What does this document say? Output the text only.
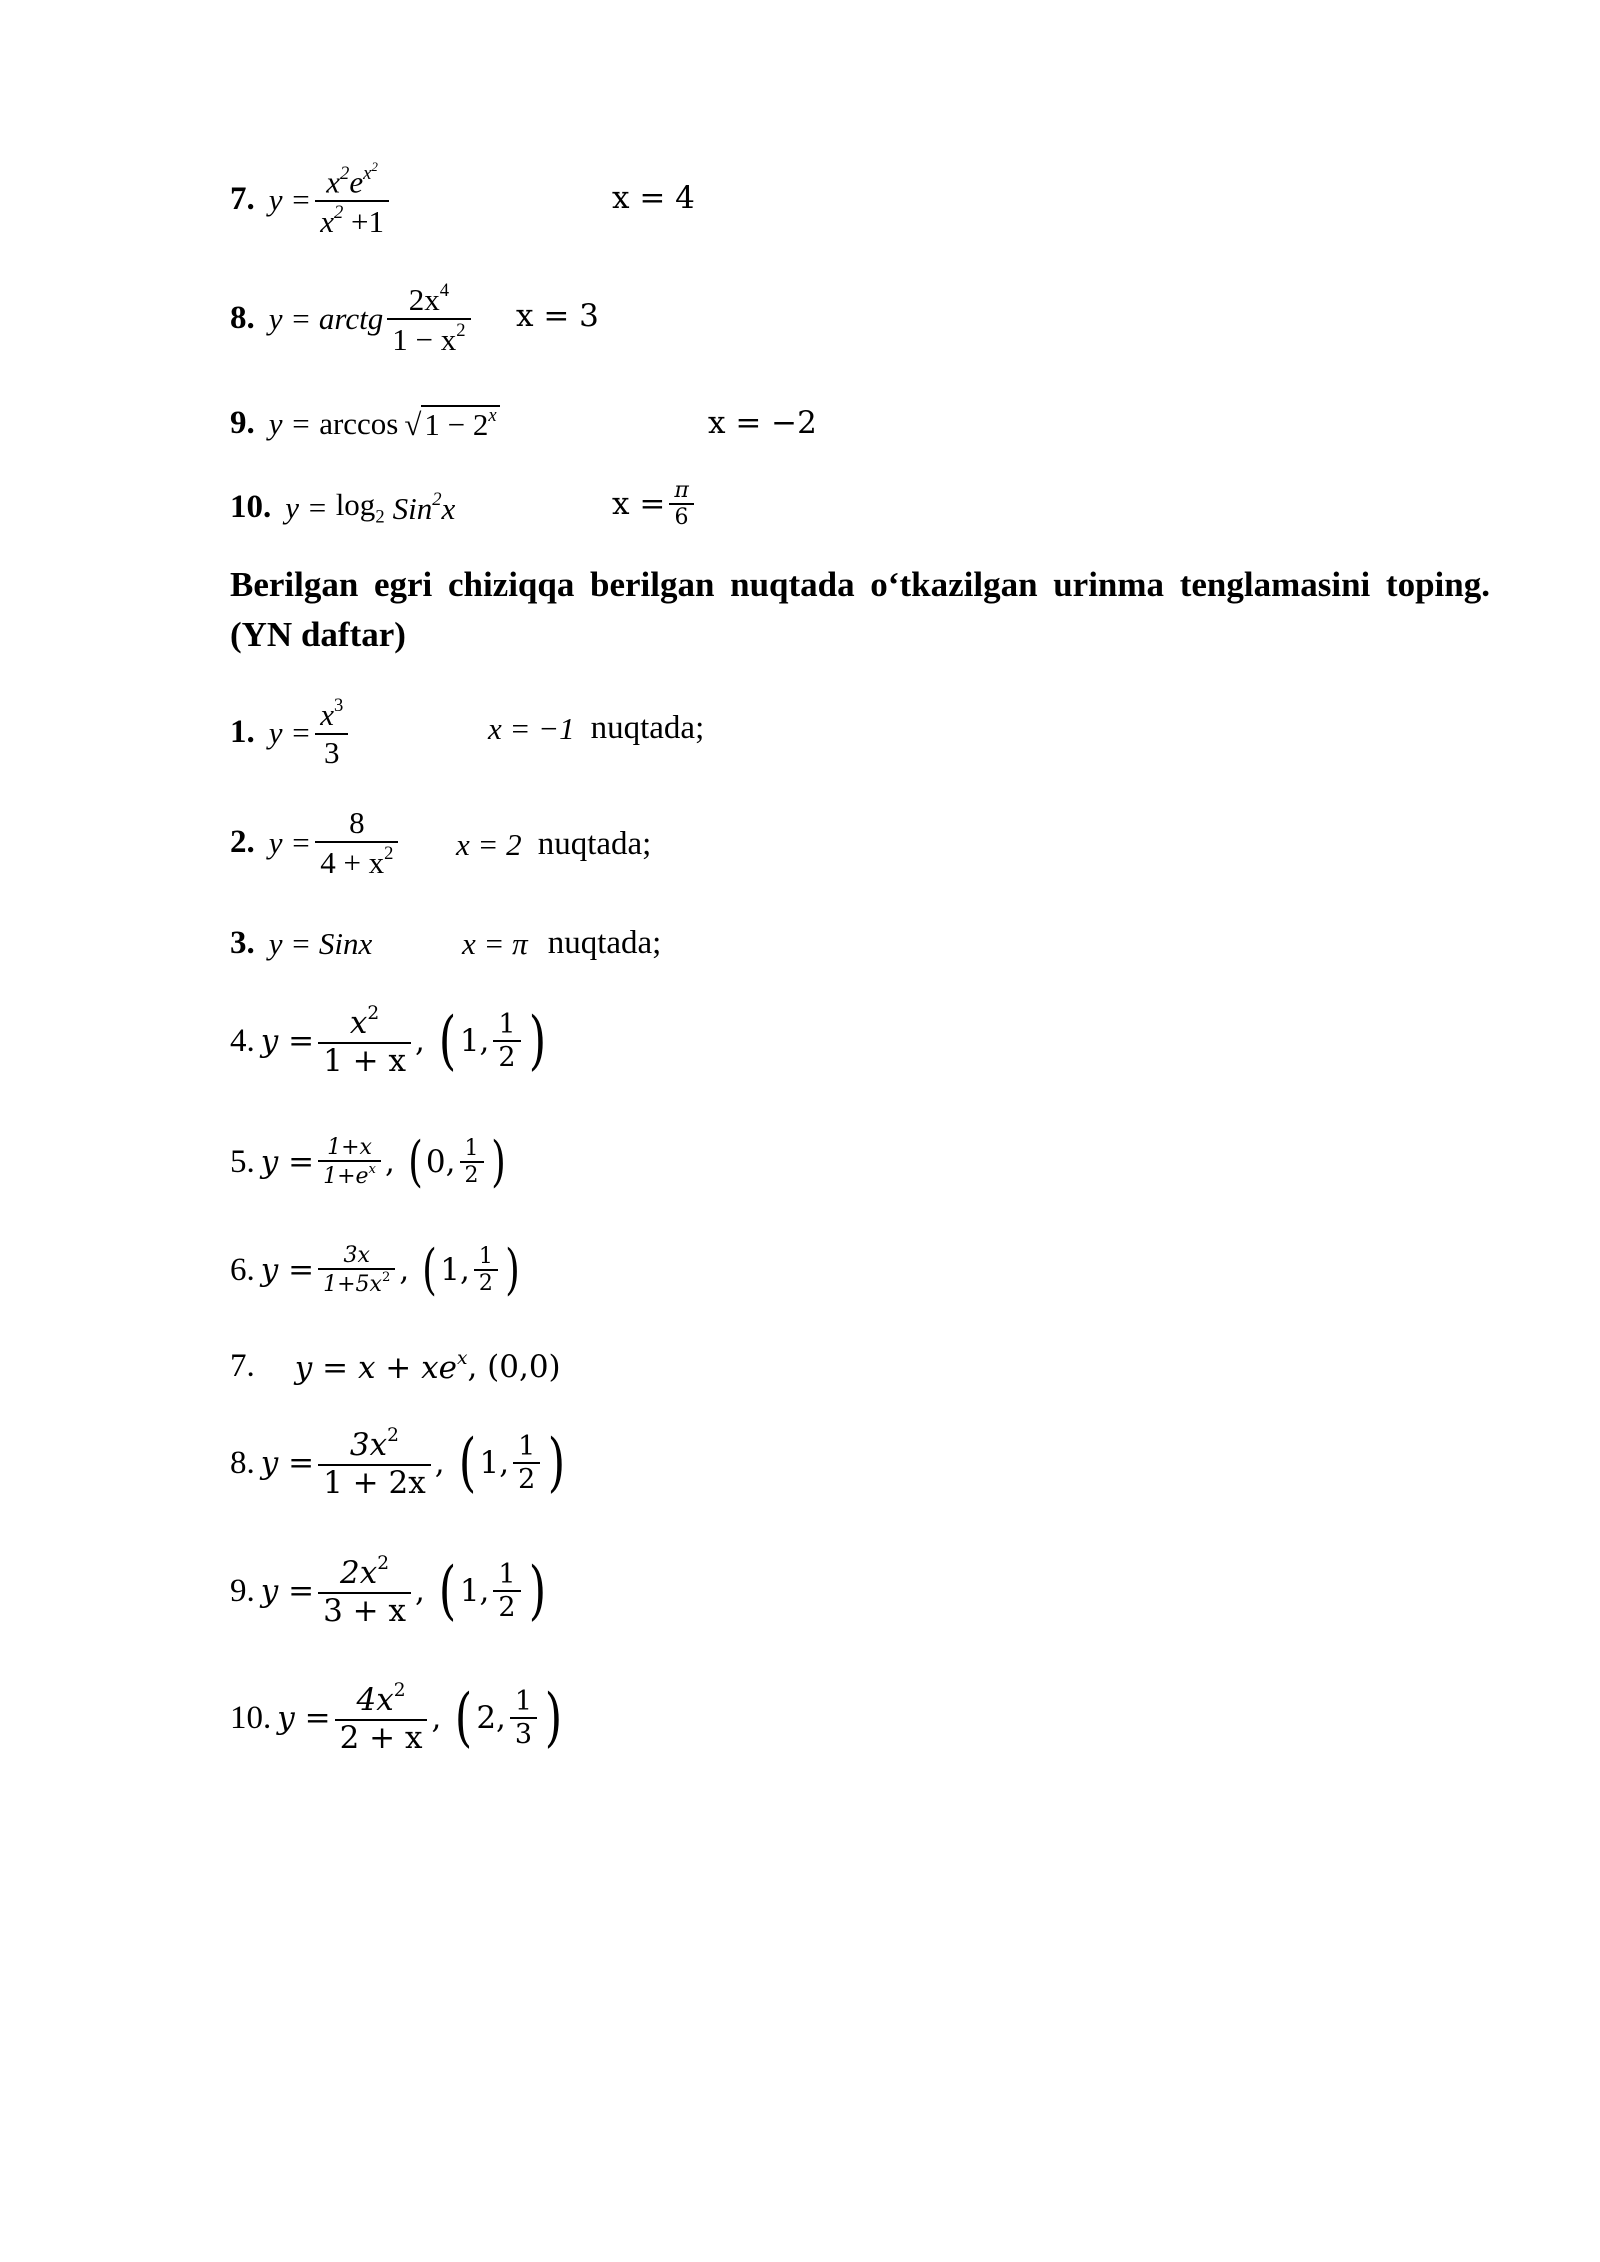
7. $y = \frac{x^2e^{x^2}}{x^2 +1}$	x = 4
8. y = arctg $\frac{2x^4}{1 - x^2}$ x = 3
9. $y = \arccos √1 - 2^x$	x = −2
10. $y = \log_2 Sin^2x$	$x = \frac{\pi}{6}$
Berilgan egri chiziqqa berilgan nuqtada o‘tkazilgan urinma tenglamasini toping. (YN daftar)
1. $y = \frac{x^3}{3}$	x = −1 nuqtada;
2. $y = \frac{8}{4 + x^2}$ x = 2 nuqtada;
3. y = Sinx	x = π nuqtada;
4. $y = \frac{x^2}{1 + x}$ , ( 1, $\frac{1}{2}$ )
5. $y = \frac{1+x}{1+e^x}$ , ( 0, $\frac{1}{2}$ )
6. $y = \frac{3x}{1+5x^2}$ , ( 1, $\frac{1}{2}$ )
7. $y = x + xe^x$ , (0,0)
8. $y = \frac{3x^2}{1 + 2x}$ , ( 1, $\frac{1}{2}$ )
9. $y = \frac{2x^2}{3 + x}$ , ( 1, $\frac{1}{2}$ )
10. $y = \frac{4x^2}{2 + x}$ , ( 2, $\frac{1}{3}$ )
